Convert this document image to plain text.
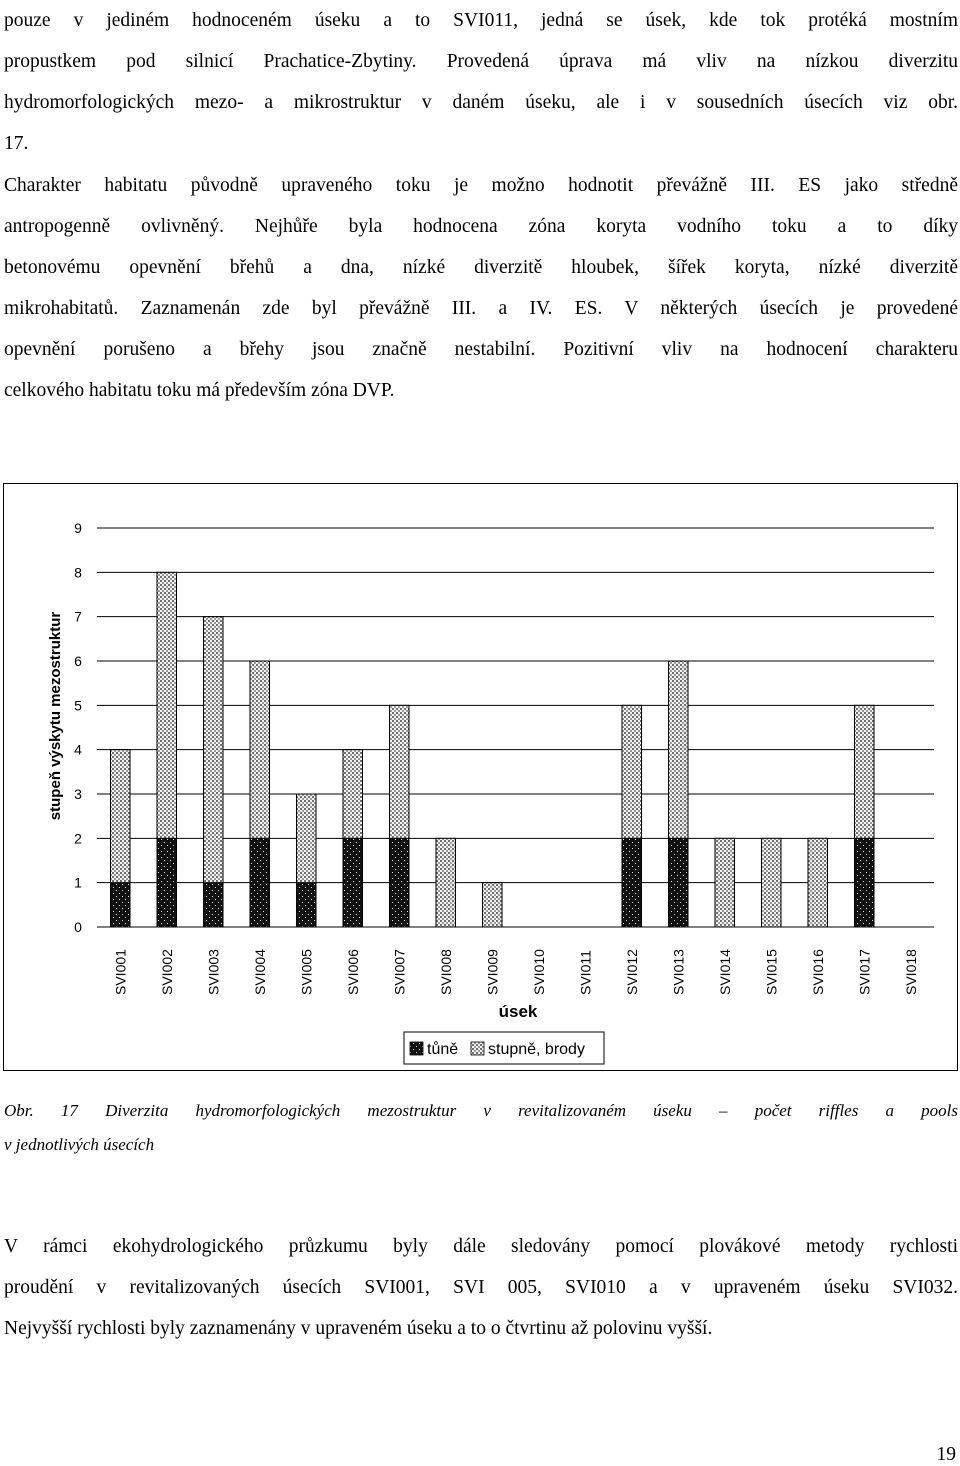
pouze v jediném hodnoceném úseku a to SVI011, jedná se úsek, kde tok protéká mostním
propustkem pod silnicí Prachatice-Zbytiny. Provedená úprava má vliv na nízkou diverzitu
hydromorfologických mezo- a mikrostruktur v daném úseku, ale i v sousedních úsecích viz obr.
17.
Charakter habitatu původně upraveného toku je možno hodnotit převážně III. ES jako středně
antropogenně ovlivněný. Nejhůře byla hodnocena zóna koryta vodního toku a to díky
betonovému opevnění břehů a dna, nízké diverzitě hloubek, šířek koryta, nízké diverzitě
mikrohabitatů. Zaznamenán zde byl převážně III. a IV. ES. V některých úsecích je provedené
opevnění porušeno a břehy jsou značně nestabilní. Pozitivní vliv na hodnocení charakteru
celkového habitatu toku má především zóna DVP.
0
1
2
3
4
5
6
7
8
9
SVI001 SVI002 SVI003 SVI004 SVI005 SVI006 SVI007 SVI008 SVI009 SVI010 SVI011 SVI012 SVI013 SVI014 SVI015 SVI016 SVI017 SVI018
stupeň výskytu mezostruktur
úsek
tůně stupně, brody
Obr. 17 Diverzita hydromorfologických mezostruktur v revitalizovaném úseku – počet riffles a pools
v jednotlivých úsecích
V rámci ekohydrologického průzkumu byly dále sledovány pomocí plovákové metody rychlosti
proudění v revitalizovaných úsecích SVI001, SVI 005, SVI010 a v upraveném úseku SVI032.
Nejvyšší rychlosti byly zaznamenány v upraveném úseku a to o čtvrtinu až polovinu vyšší.
19
